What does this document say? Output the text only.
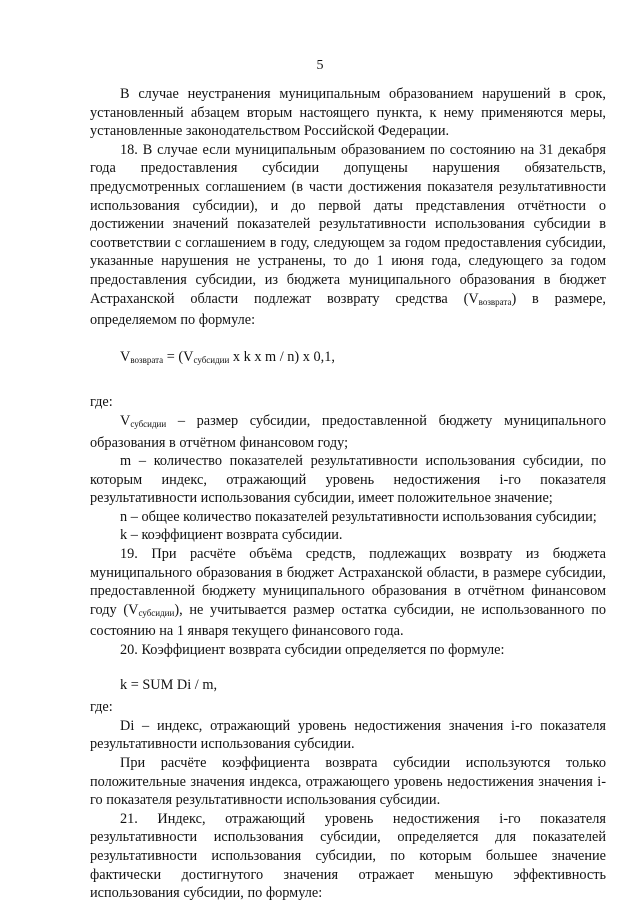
5

В случае неустранения муниципальным образованием нарушений в срок, установленный абзацем вторым настоящего пункта, к нему применяются меры, установленные законодательством Российской Федерации.

18. В случае если муниципальным образованием по состоянию на 31 декабря года предоставления субсидии допущены нарушения обязательств, предусмотренных соглашением (в части достижения показателя результативности использования субсидии), и до первой даты представления отчётности о достижении значений показателей результативности использования субсидии в соответствии с соглашением в году, следующем за годом предоставления субсидии, указанные нарушения не устранены, то до 1 июня года, следующего за годом предоставления субсидии, из бюджета муниципального образования в бюджет Астраханской области подлежат возврату средства $(V_{возврата})$ в размере, определяемом по формуле:

$V_{возврата} = (V_{субсидии}$ x k x m / n) x 0,1,

где:

$V_{субсидии}$ – размер субсидии, предоставленной бюджету муниципального образования в отчётном финансовом году;

m – количество показателей результативности использования субсидии, по которым индекс, отражающий уровень недостижения i-го показателя результативности использования субсидии, имеет положительное значение;

n – общее количество показателей результативности использования субсидии;

k – коэффициент возврата субсидии.

19. При расчёте объёма средств, подлежащих возврату из бюджета муниципального образования в бюджет Астраханской области, в размере субсидии, предоставленной бюджету муниципального образования в отчётном финансовом году $(V_{субсидии})$, не учитывается размер остатка субсидии, не использованного по состоянию на 1 января текущего финансового года.

20. Коэффициент возврата субсидии определяется по формуле:

k = SUM Di / m,

где:

Di – индекс, отражающий уровень недостижения значения i-го показателя результативности использования субсидии.

При расчёте коэффициента возврата субсидии используются только положительные значения индекса, отражающего уровень недостижения значения i-го показателя результативности использования субсидии.

21. Индекс, отражающий уровень недостижения i-го показателя результативности использования субсидии, определяется для показателей результативности использования субсидии, по которым большее значение фактически достигнутого значения отражает меньшую эффективность использования субсидии, по формуле:
